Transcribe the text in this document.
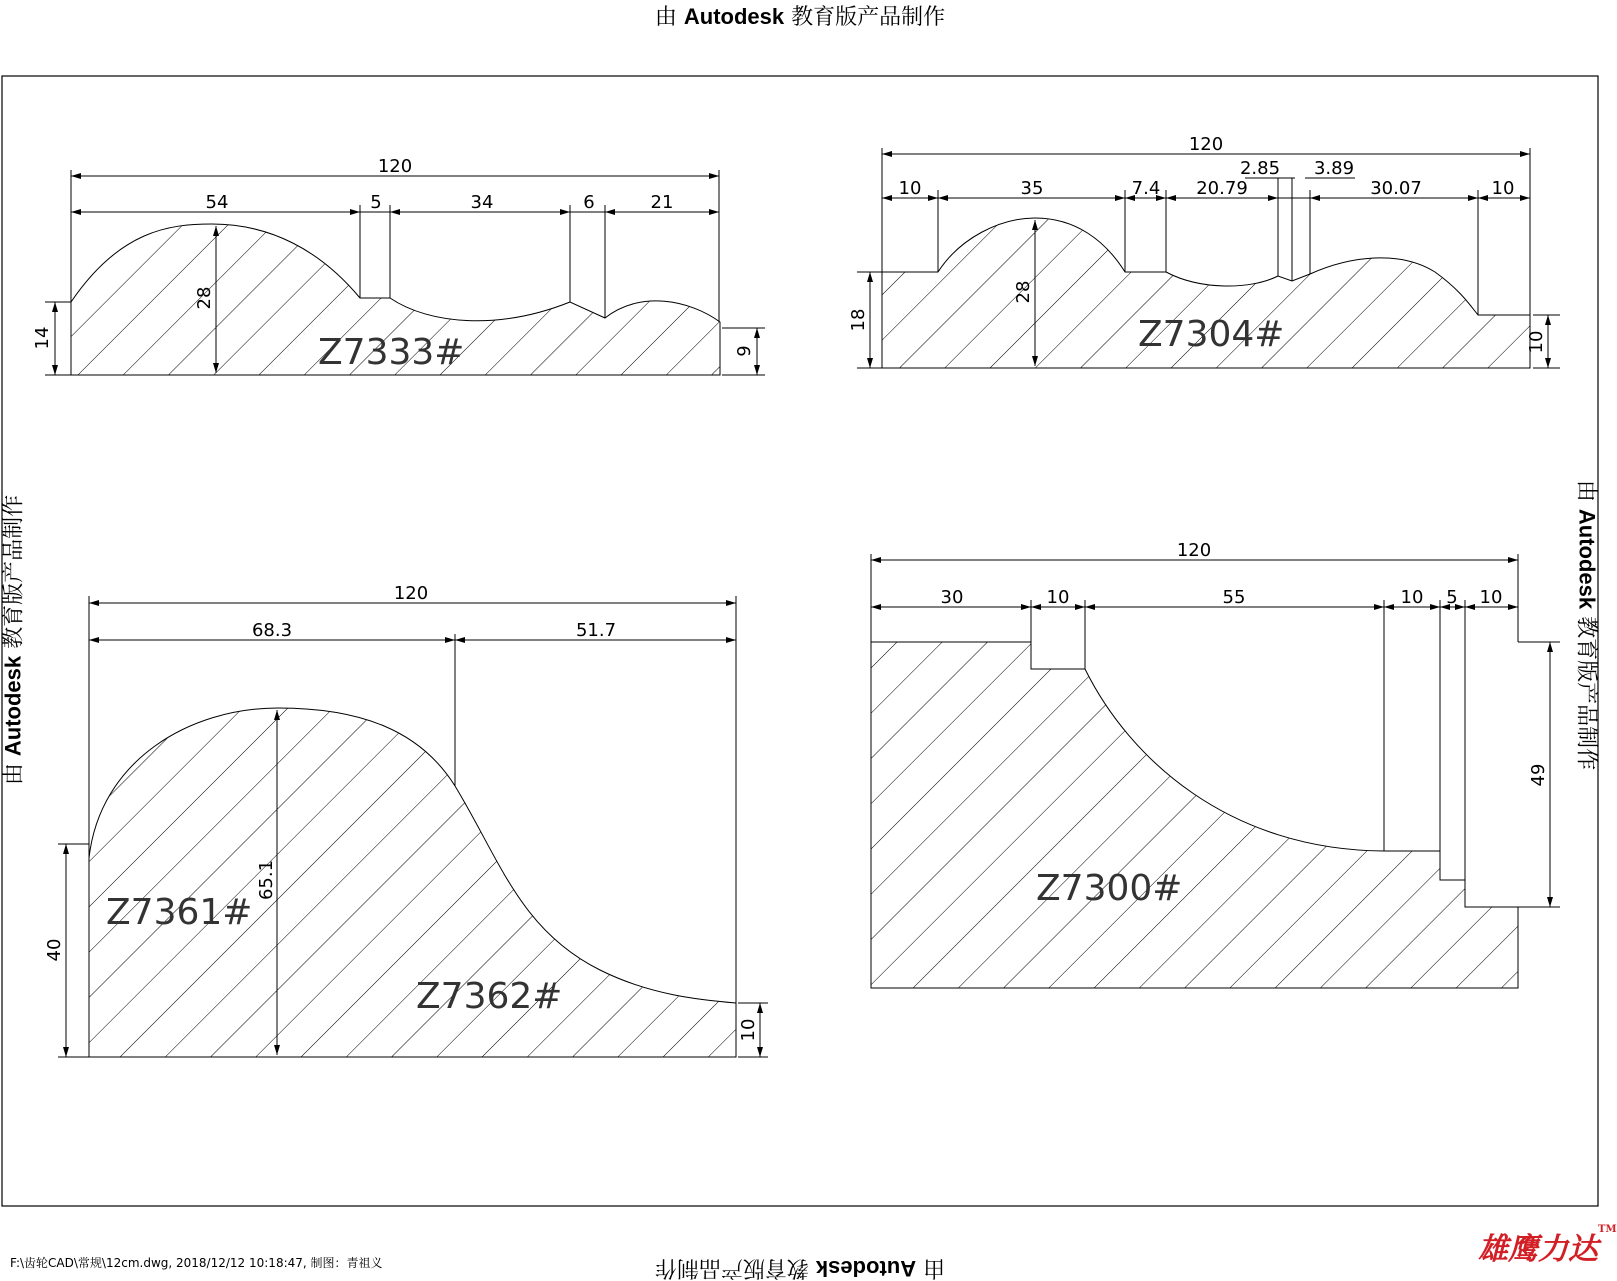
120
54	5	34	6	21
28
14
9
Z7333#
120
10	35	7.4 20.79
2.85 3.89
30.07	10
28
18
10
Z7304#
120
68.3	51.7
65.1
40
10
Z7361#
Z7362#
120
30	10	55	10 5 10
49
Z7300#
由 Autodesk 教育版产品制作
由 Autodesk 教育版产品制作
由 Autodesk 教育版产品制作
由 Autodesk 教育版产品制作
F:\齿轮CAD\常规\12cm.dwg, 2018/12/12 10:18:47, 制图：青祖义	雄鹰力达™
